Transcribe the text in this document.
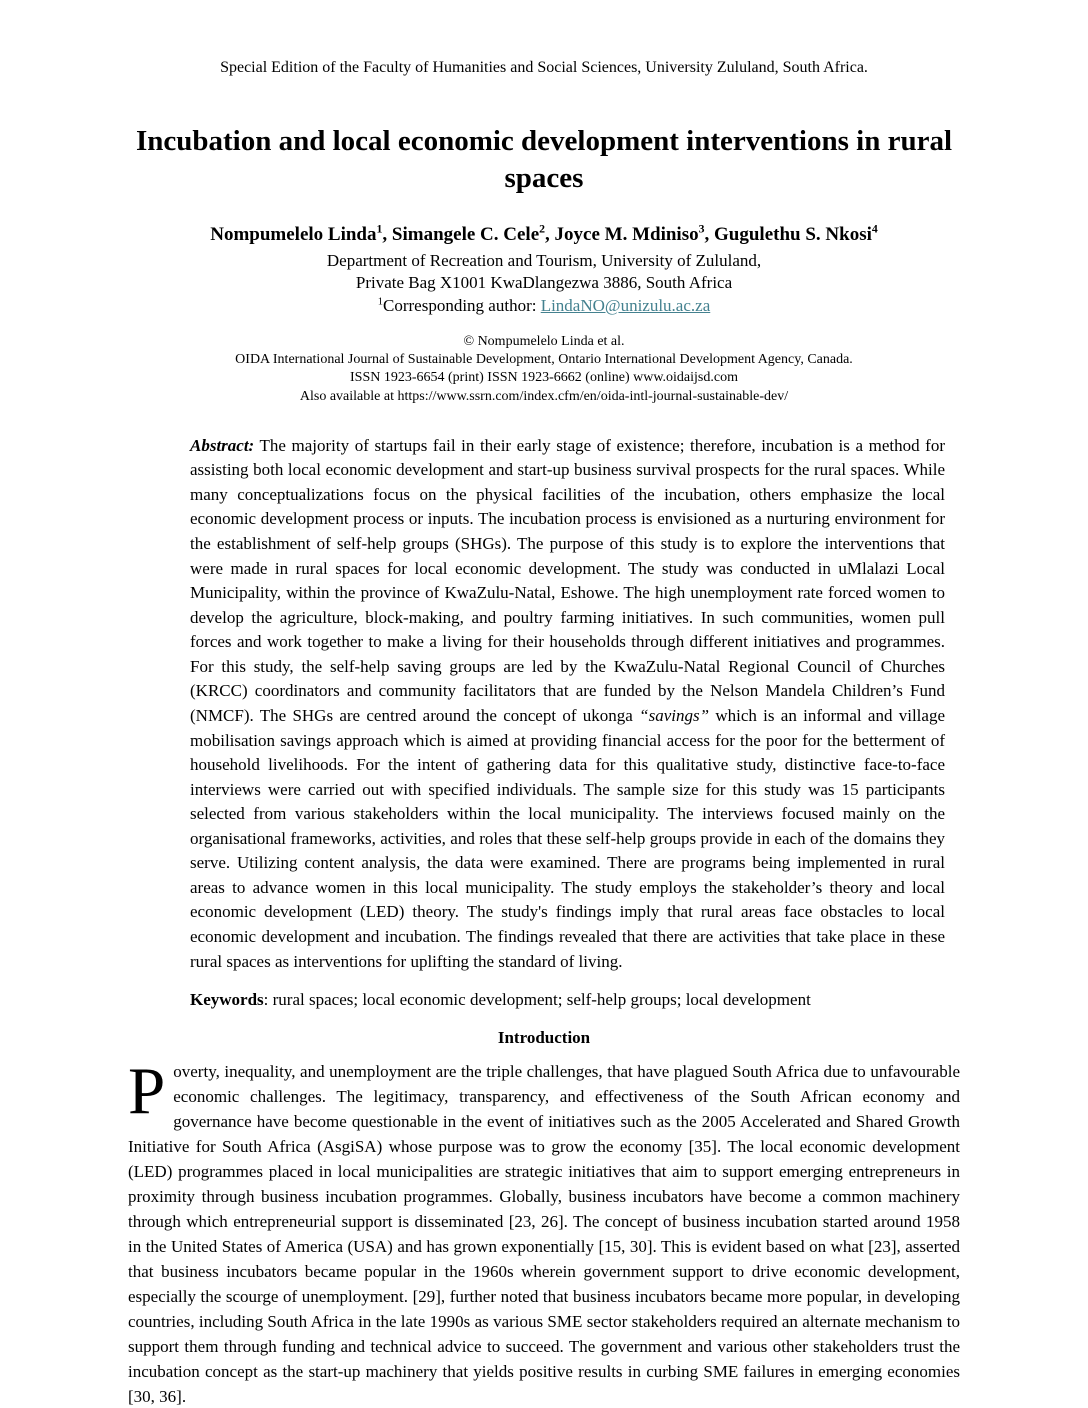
Special Edition of the Faculty of Humanities and Social Sciences, University Zululand, South Africa.
Incubation and local economic development interventions in rural spaces
Nompumelelo Linda$^1$, Simangele C. Cele$^2$, Joyce M. Mdiniso$^3$, Gugulethu S. Nkosi$^4$
Department of Recreation and Tourism, University of Zululand,
Private Bag X1001 KwaDlangezwa 3886, South Africa
$^1$Corresponding author: LindaNO@unizulu.ac.za
© Nompumelelo Linda et al.
OIDA International Journal of Sustainable Development, Ontario International Development Agency, Canada.
ISSN 1923-6654 (print) ISSN 1923-6662 (online) www.oidaijsd.com
Also available at https://www.ssrn.com/index.cfm/en/oida-intl-journal-sustainable-dev/

Abstract: The majority of startups fail in their early stage of existence; therefore, incubation is a method for assisting both local economic development and start-up business survival prospects for the rural spaces. While many conceptualizations focus on the physical facilities of the incubation, others emphasize the local economic development process or inputs. The incubation process is envisioned as a nurturing environment for the establishment of self-help groups (SHGs). The purpose of this study is to explore the interventions that were made in rural spaces for local economic development. The study was conducted in uMlalazi Local Municipality, within the province of KwaZulu-Natal, Eshowe. The high unemployment rate forced women to develop the agriculture, block-making, and poultry farming initiatives. In such communities, women pull forces and work together to make a living for their households through different initiatives and programmes. For this study, the self-help saving groups are led by the KwaZulu-Natal Regional Council of Churches (KRCC) coordinators and community facilitators that are funded by the Nelson Mandela Children’s Fund (NMCF). The SHGs are centred around the concept of ukonga “savings” which is an informal and village mobilisation savings approach which is aimed at providing financial access for the poor for the betterment of household livelihoods. For the intent of gathering data for this qualitative study, distinctive face-to-face interviews were carried out with specified individuals. The sample size for this study was 15 participants selected from various stakeholders within the local municipality. The interviews focused mainly on the organisational frameworks, activities, and roles that these self-help groups provide in each of the domains they serve. Utilizing content analysis, the data were examined. There are programs being implemented in rural areas to advance women in this local municipality. The study employs the stakeholder’s theory and local economic development (LED) theory. The study's findings imply that rural areas face obstacles to local economic development and incubation. The findings revealed that there are activities that take place in these rural spaces as interventions for uplifting the standard of living.

Keywords: rural spaces; local economic development; self-help groups; local development

Introduction

Poverty, inequality, and unemployment are the triple challenges, that have plagued South Africa due to unfavourable economic challenges. The legitimacy, transparency, and effectiveness of the South African economy and governance have become questionable in the event of initiatives such as the 2005 Accelerated and Shared Growth Initiative for South Africa (AsgiSA) whose purpose was to grow the economy [35]. The local economic development (LED) programmes placed in local municipalities are strategic initiatives that aim to support emerging entrepreneurs in proximity through business incubation programmes. Globally, business incubators have become a common machinery through which entrepreneurial support is disseminated [23, 26]. The concept of business incubation started around 1958 in the United States of America (USA) and has grown exponentially [15, 30]. This is evident based on what [23], asserted that business incubators became popular in the 1960s wherein government support to drive economic development, especially the scourge of unemployment. [29], further noted that business incubators became more popular, in developing countries, including South Africa in the late 1990s as various SME sector stakeholders required an alternate mechanism to support them through funding and technical advice to succeed. The government and various other stakeholders trust the incubation concept as the start-up machinery that yields positive results in curbing SME failures in emerging economies [30, 36].
